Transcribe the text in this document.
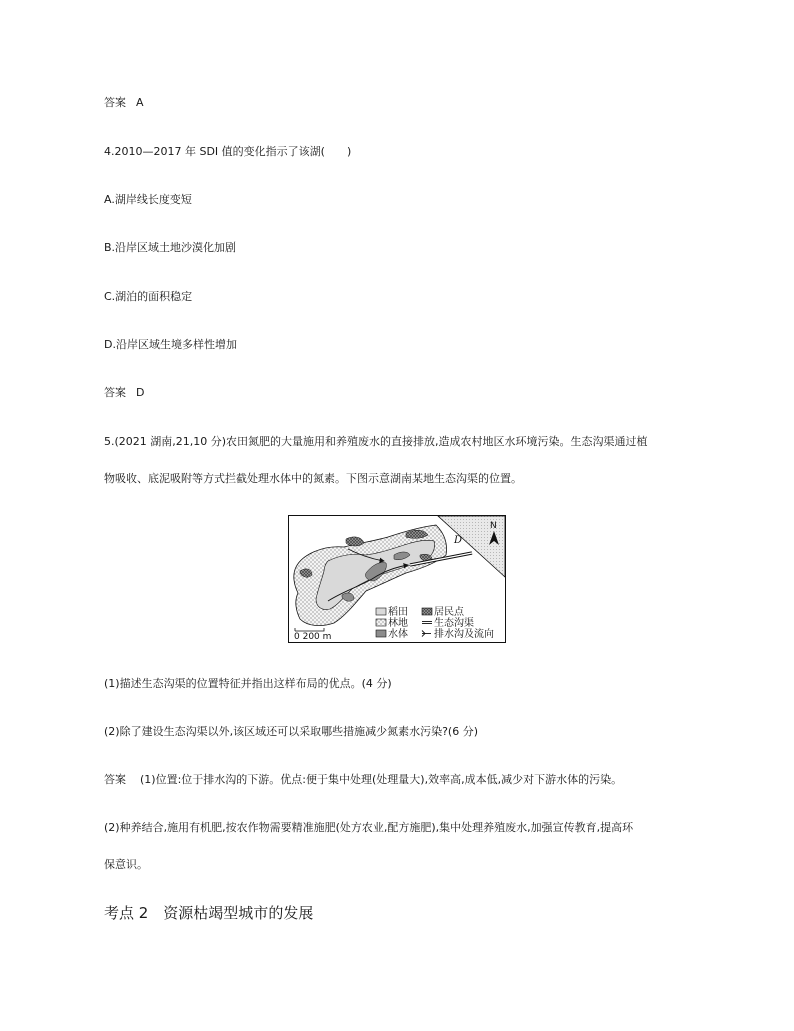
答案 A
4.2010—2017 年 SDI 值的变化指示了该湖(　　)
A.湖岸线长度变短
B.沿岸区域土地沙漠化加剧
C.湖泊的面积稳定
D.沿岸区域生境多样性增加
答案 D
5.(2021 湖南,21,10 分)农田氮肥的大量施用和养殖废水的直接排放,造成农村地区水环境污染。生态沟渠通过植
物吸收、底泥吸附等方式拦截处理水体中的氮素。下图示意湖南某地生态沟渠的位置。
D
N
0 200 m
稻田
林地
水体
居民点
生态沟渠
排水沟及流向
(1)描述生态沟渠的位置特征并指出这样布局的优点。(4 分)
(2)除了建设生态沟渠以外,该区域还可以采取哪些措施减少氮素水污染?(6 分)
答案 (1)位置:位于排水沟的下游。优点:便于集中处理(处理量大),效率高,成本低,减少对下游水体的污染。
(2)种养结合,施用有机肥,按农作物需要精准施肥(处方农业,配方施肥),集中处理养殖废水,加强宣传教育,提高环
保意识。
考点 2　资源枯竭型城市的发展
